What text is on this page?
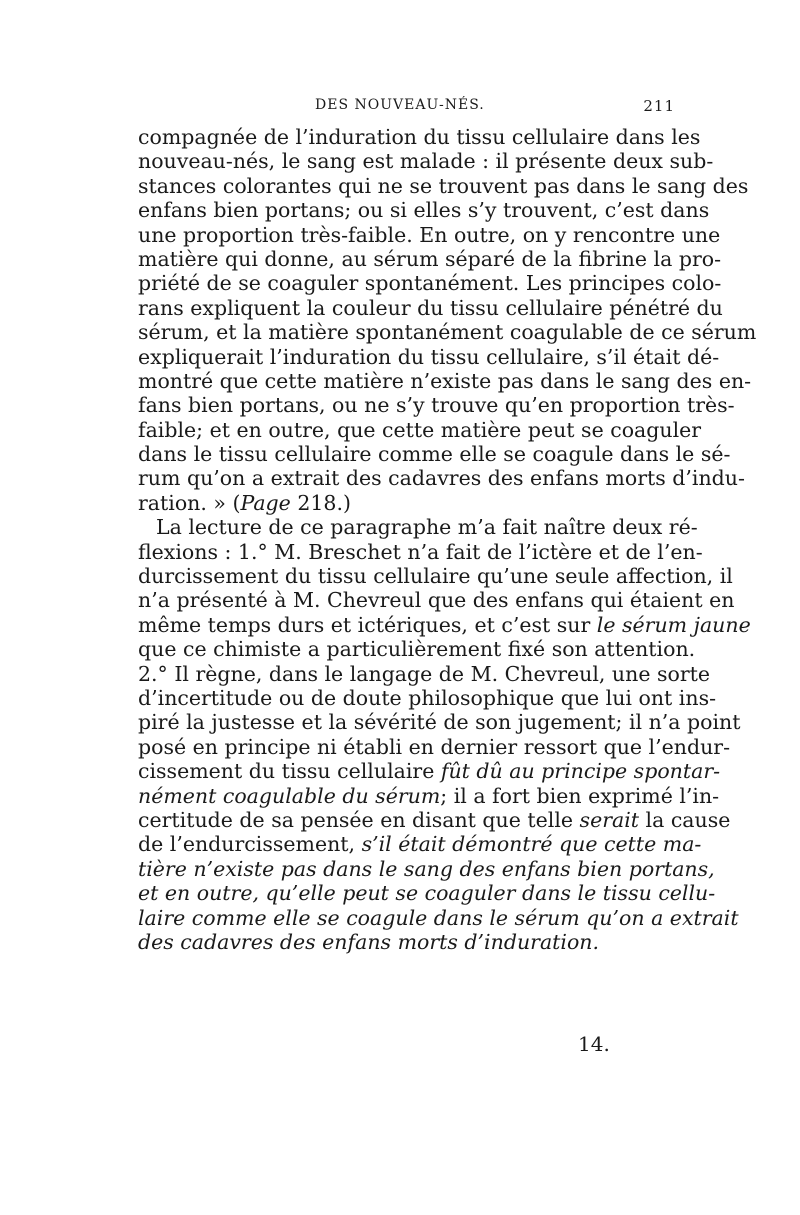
DES NOUVEAU-NÉS.	211
compagnée de l’induration du tissu cellulaire dans les
nouveau-nés, le sang est malade : il présente deux sub-
stances colorantes qui ne se trouvent pas dans le sang des
enfans bien portans; ou si elles s’y trouvent, c’est dans
une proportion très-faible. En outre, on y rencontre une
matière qui donne, au sérum séparé de la fibrine la pro-
priété de se coaguler spontanément. Les principes colo-
rans expliquent la couleur du tissu cellulaire pénétré du
sérum, et la matière spontanément coagulable de ce sérum
expliquerait l’induration du tissu cellulaire, s’il était dé-
montré que cette matière n’existe pas dans le sang des en-
fans bien portans, ou ne s’y trouve qu’en proportion très-
faible; et en outre, que cette matière peut se coaguler
dans le tissu cellulaire comme elle se coagule dans le sé-
rum qu’on a extrait des cadavres des enfans morts d’indu-
ration. » (Page 218.)
La lecture de ce paragraphe m’a fait naître deux ré-
flexions : 1.° M. Breschet n’a fait de l’ictère et de l’en-
durcissement du tissu cellulaire qu’une seule affection, il
n’a présenté à M. Chevreul que des enfans qui étaient en
même temps durs et ictériques, et c’est sur le sérum jaune
que ce chimiste a particulièrement fixé son attention.
2.° Il règne, dans le langage de M. Chevreul, une sorte
d’incertitude ou de doute philosophique que lui ont ins-
piré la justesse et la sévérité de son jugement; il n’a point
posé en principe ni établi en dernier ressort que l’endur-
cissement du tissu cellulaire fût dû au principe spontar-
nément coagulable du sérum; il a fort bien exprimé l’in-
certitude de sa pensée en disant que telle serait la cause
de l’endurcissement, s’il était démontré que cette ma-
tière n’existe pas dans le sang des enfans bien portans,
et en outre, qu’elle peut se coaguler dans le tissu cellu-
laire comme elle se coagule dans le sérum qu’on a extrait
des cadavres des enfans morts d’induration.
14.
